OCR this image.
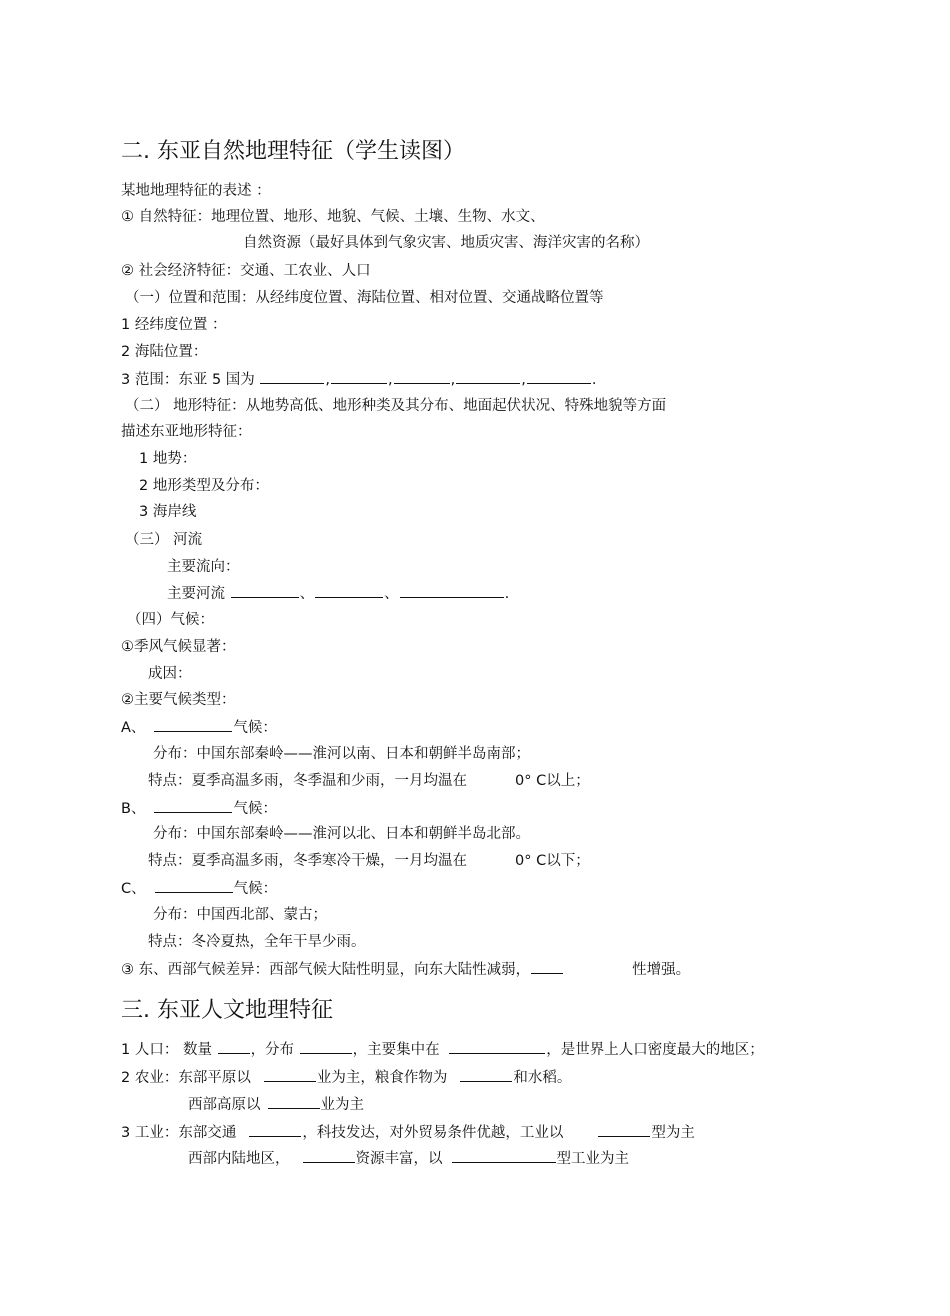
二. 东亚自然地理特征（学生读图）
某地地理特征的表述 ：
① 自然特征：地理位置、地形、地貌、气候、土壤、生物、水文、
自然资源（最好具体到气象灾害、地质灾害、海洋灾害的名称）
② 社会经济特征：交通、工农业、人口
（一）位置和范围：从经纬度位置、海陆位置、相对位置、交通战略位置等
1 经纬度位置 ：
2 海陆位置：
3 范围：东亚 5 国为	,	,	,	,	.
（二） 地形特征：从地势高低、地形种类及其分布、地面起伏状况、特殊地貌等方面
描述东亚地形特征：
1 地势：
2 地形类型及分布：
3 海岸线
（三） 河流
主要流向：
主要河流	、	、	.
（四）气候：
①季风气候显著：
成因：
②主要气候类型：
A、	气候：
分布：中国东部秦岭——淮河以南、日本和朝鲜半岛南部；
特点：夏季高温多雨，冬季温和少雨，一月均温在	0° C以上；
B、	气候：
分布：中国东部秦岭——淮河以北、日本和朝鲜半岛北部。
特点：夏季高温多雨，冬季寒冷干燥，一月均温在	0° C以下；
C、	气候：
分布：中国西北部、蒙古；
特点：冬冷夏热，全年干旱少雨。
③ 东、西部气候差异：西部气候大陆性明显，向东大陆性减弱，	性增强。
三. 东亚人文地理特征
1 人口： 数量	，分布	，主要集中在	，是世界上人口密度最大的地区；
2 农业：东部平原以	业为主，粮食作物为	和水稻。
西部高原以	业为主
3 工业：东部交通	，科技发达，对外贸易条件优越，工业以	型为主
西部内陆地区，	资源丰富，以	型工业为主
